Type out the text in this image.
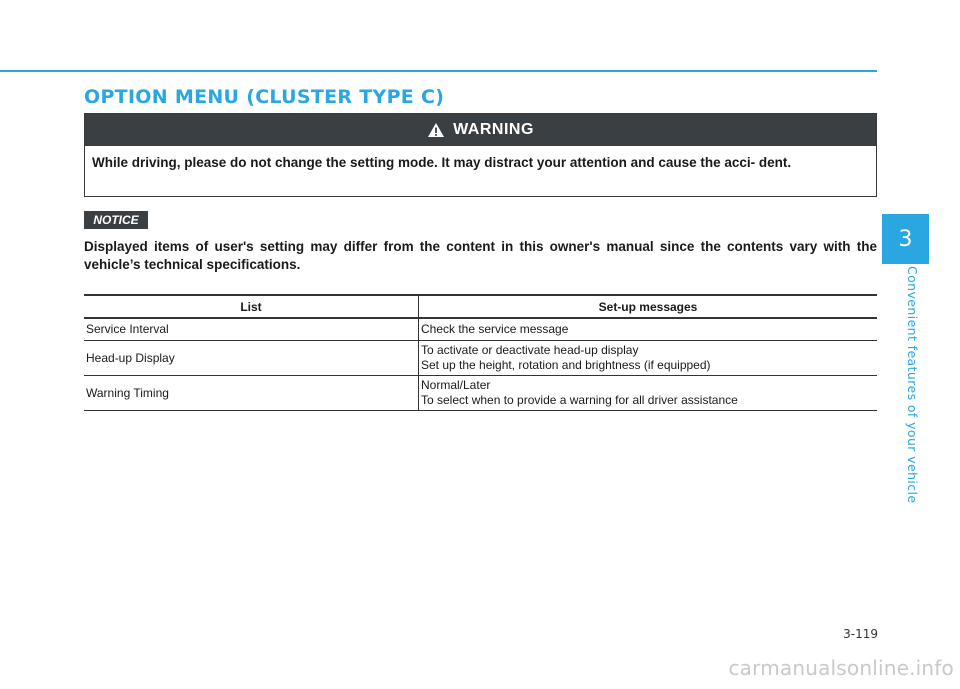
OPTION MENU (CLUSTER TYPE C)
WARNING
While driving, please do not change the setting mode. It may distract your attention and cause the acci- dent.
NOTICE

Displayed items of user's setting may differ from the content in this owner's manual since the contents vary with the vehicle’s technical specifications.

List	Set-up messages
Service Interval	Check the service message

Head-up Display	To activate or deactivate head-up display
Set up the height, rotation and brightness (if equipped)

Warning Timing	Normal/Later
To select when to provide a warning for all driver assistance
3
Convenient features of your vehicle
3-119
carmanualsonline.info
